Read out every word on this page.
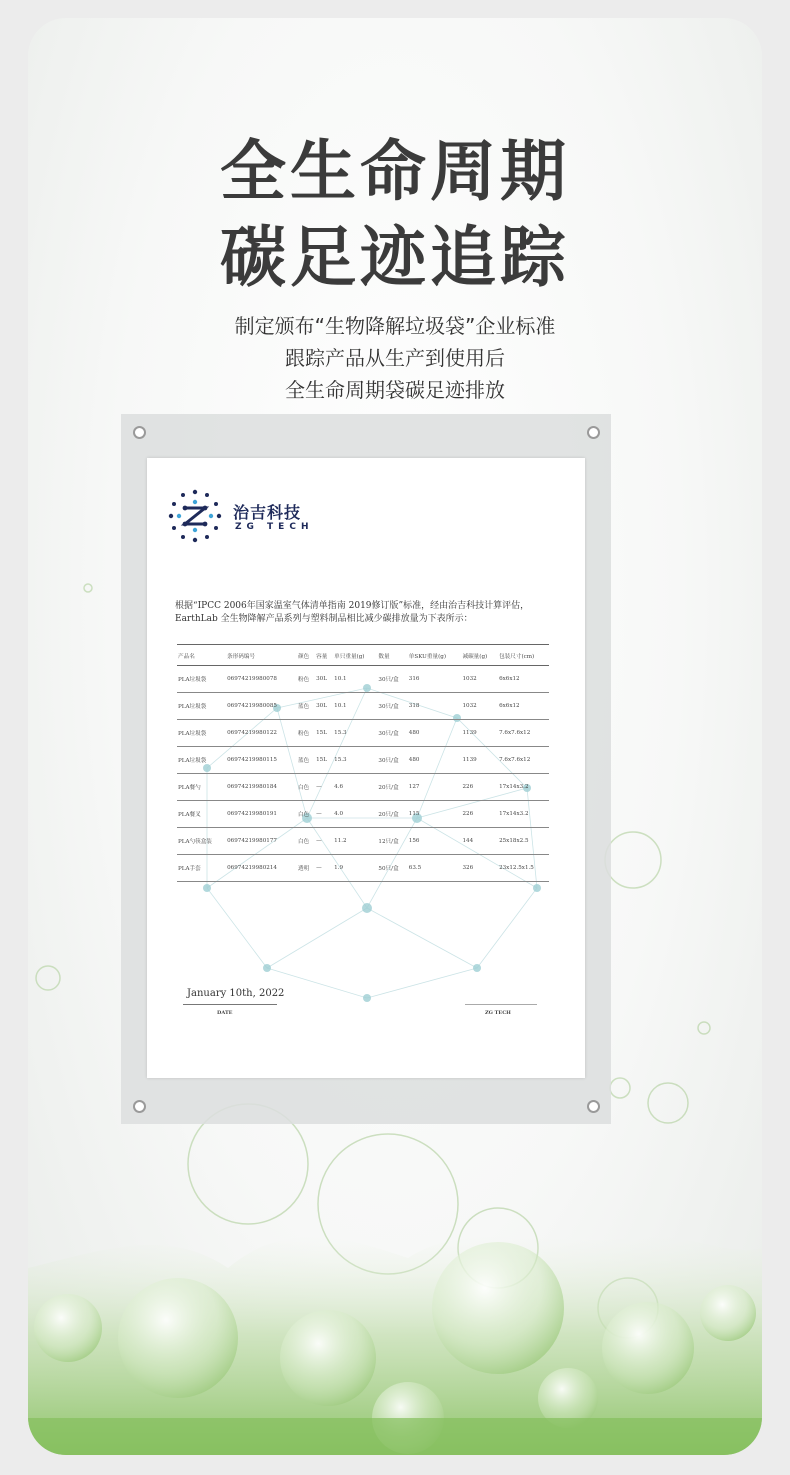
全生命周期
碳足迹追踪
制定颁布“生物降解垃圾袋”企业标准
跟踪产品从生产到使用后
全生命周期袋碳足迹排放
治吉科技
ZG TECH
根据“IPCC 2006年国家温室气体清单指南 2019修订版”标准，经由治吉科技计算评估，EarthLab 全生物降解产品系列与塑料制品相比减少碳排放量为下表所示：
产品名	条形码编号	颜色	容量	单只重量(g)	数量	单SKU重量(g)	减碳量(g)	包装尺寸(cm)
PLA垃圾袋	06974219980078	粉色	30L	10.1	30只/盒	316	1032	6x6x12
PLA垃圾袋	06974219980085	蓝色	30L	10.1	30只/盒	318	1032	6x6x12
PLA垃圾袋	06974219980122	粉色	15L	15.3	30只/盒	480	1139	7.6x7.6x12
PLA垃圾袋	06974219980115	蓝色	15L	15.3	30只/盒	480	1139	7.6x7.6x12
PLA餐勺	06974219980184	白色	—	4.6	20只/盒	127	226	17x14x3.2
PLA餐叉	06974219980191	白色	—	4.0	20只/盒	115	226	17x14x3.2
PLA勺筷盒装	06974219980177	白色	—	11.2	12只/盒	156	144	25x18x2.5
PLA手套	06974219980214	透明	—	1.9	50只/盒	63.5	326	23x12.5x1.5
January 10th, 2022
DATE	ZG TECH
